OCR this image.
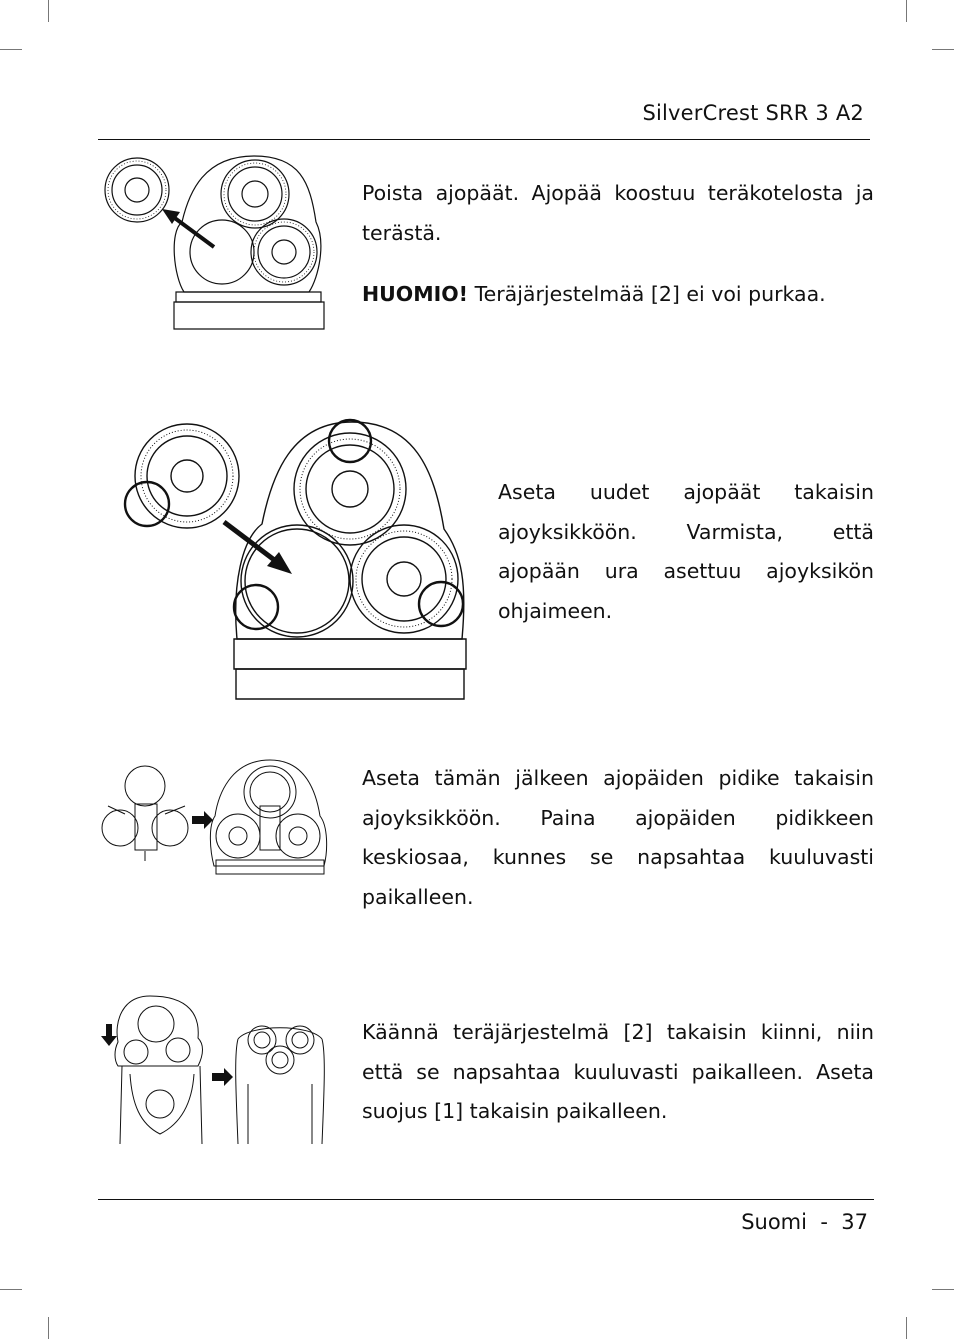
SilverCrest SRR 3 A2

Poista ajopäät. Ajopää koostuu teräkotelosta ja terästä.

HUOMIO! Teräjärjestelmää [2] ei voi purkaa.

Aseta uudet ajopäät takaisin ajoyksikköön. Varmista, että ajopään ura asettuu ajoyksikön ohjaimeen.

Aseta tämän jälkeen ajopäiden pidike takaisin ajoyksikköön. Paina ajopäiden pidikkeen keskiosaa, kunnes se napsahtaa kuuluvasti paikalleen.

Käännä teräjärjestelmä [2] takaisin kiinni, niin että se napsahtaa kuuluvasti paikalleen. Aseta suojus [1] takaisin paikalleen.

Suomi - 37
